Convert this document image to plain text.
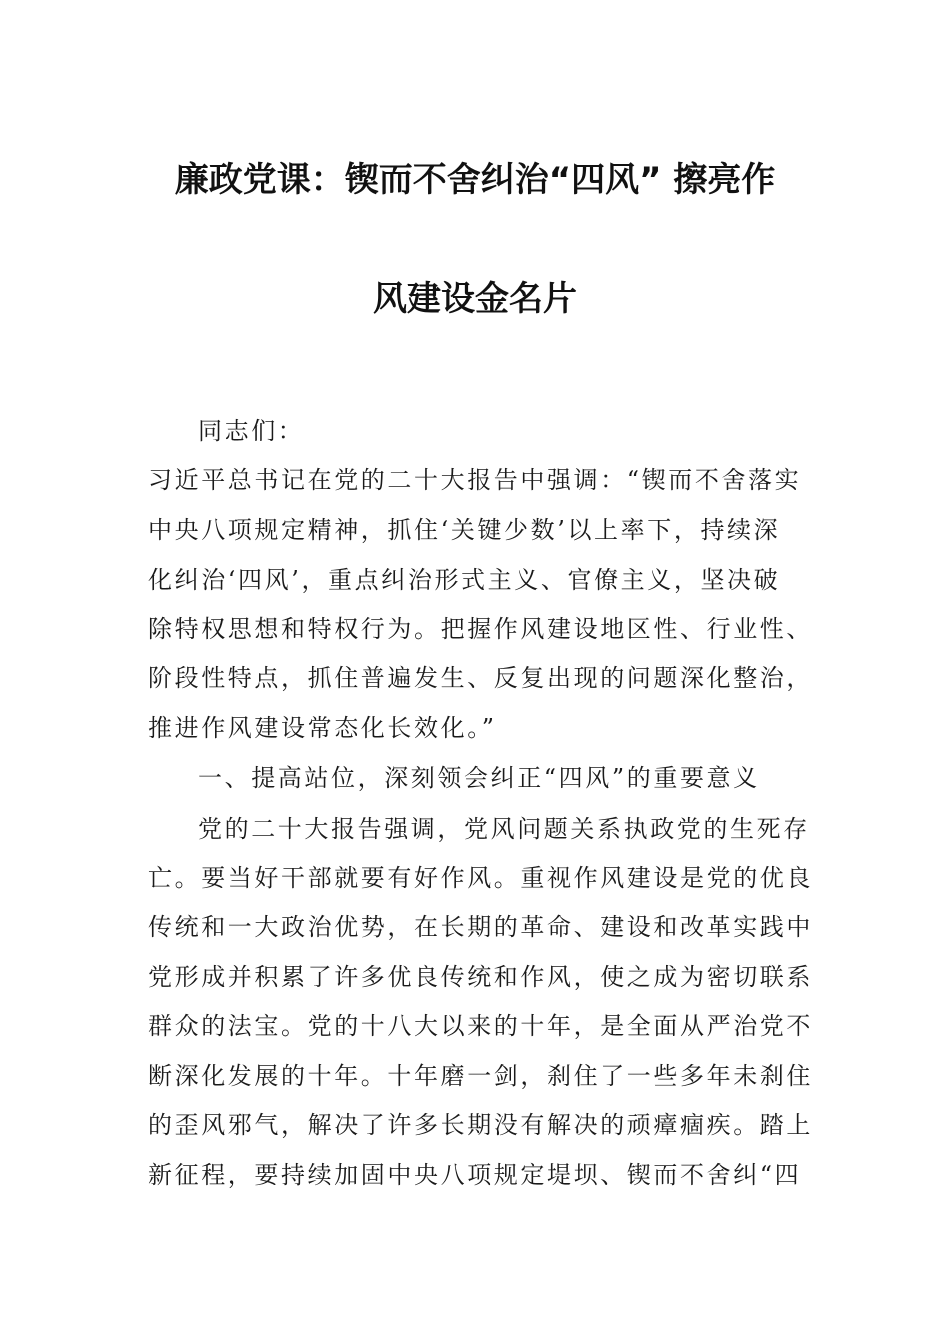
廉政党课：锲而不舍纠治“四风” 擦亮作
风建设金名片
同志们：
习近平总书记在党的二十大报告中强调：“锲而不舍落实
中央八项规定精神，抓住‘关键少数’以上率下，持续深
化纠治‘四风’，重点纠治形式主义、官僚主义，坚决破
除特权思想和特权行为。把握作风建设地区性、行业性、
阶段性特点，抓住普遍发生、反复出现的问题深化整治，
推进作风建设常态化长效化。”
一、提高站位，深刻领会纠正“四风”的重要意义
党的二十大报告强调，党风问题关系执政党的生死存
亡。要当好干部就要有好作风。重视作风建设是党的优良
传统和一大政治优势，在长期的革命、建设和改革实践中
党形成并积累了许多优良传统和作风，使之成为密切联系
群众的法宝。党的十八大以来的十年，是全面从严治党不
断深化发展的十年。十年磨一剑，刹住了一些多年未刹住
的歪风邪气，解决了许多长期没有解决的顽瘴痼疾。踏上
新征程，要持续加固中央八项规定堤坝、锲而不舍纠“四
